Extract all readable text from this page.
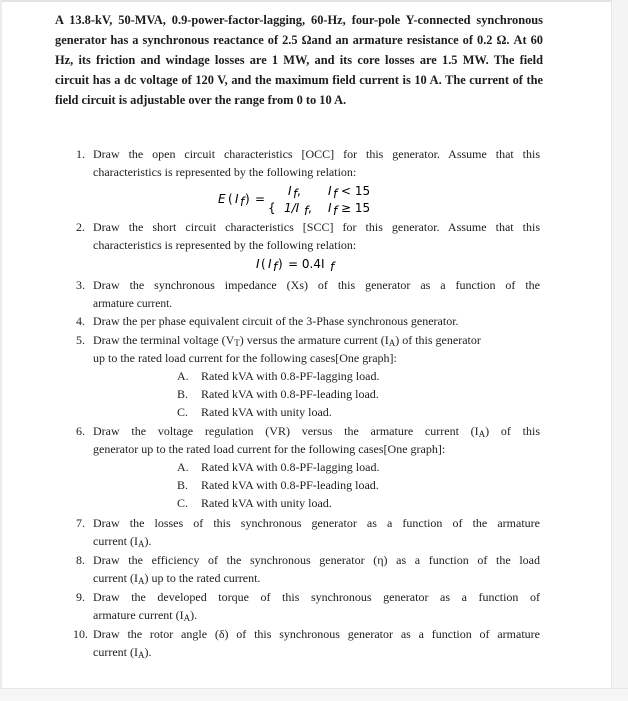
A 13.8-kV, 50-MVA, 0.9-power-factor-lagging, 60-Hz, four-pole Y-connected synchronous generator has a synchronous reactance of 2.5 Ωand an armature resistance of 0.2 Ω. At 60 Hz, its friction and windage losses are 1 MW, and its core losses are 1.5 MW. The field circuit has a dc voltage of 120 V, and the maximum field current is 10 A. The current of the field circuit is adjustable over the range from 0 to 10 A.

1. Draw the open circuit characteristics [OCC] for this generator. Assume that this
characteristics is represented by the following relation:
E ( I f ) =
{
I f , I f < 15
1/I f , I f ≥ 15
2. Draw the short circuit characteristics [SCC] for this generator. Assume that this
characteristics is represented by the following relation:
I ( I f ) = 0.4I f
3. Draw the synchronous impedance (Xs) of this generator as a function of the
armature current.
4. Draw the per phase equivalent circuit of the 3-Phase synchronous generator.
5. Draw the terminal voltage $(V_T)$ versus the armature current $(I_A)$ of this generator
up to the rated load current for the following cases[One graph]:
A. Rated kVA with 0.8-PF-lagging load.
B. Rated kVA with 0.8-PF-leading load.
C. Rated kVA with unity load.
6. Draw the voltage regulation (VR) versus the armature current $(I_A)$ of this
generator up to the rated load current for the following cases[One graph]:
A. Rated kVA with 0.8-PF-lagging load.
B. Rated kVA with 0.8-PF-leading load.
C. Rated kVA with unity load.
7. Draw the losses of this synchronous generator as a function of the armature
current $(I_A)$.
8. Draw the efficiency of the synchronous generator (η) as a function of the load
current $(I_A)$ up to the rated current.
9. Draw the developed torque of this synchronous generator as a function of
armature current $(I_A)$.
10. Draw the rotor angle (δ) of this synchronous generator as a function of armature
current $(I_A)$.
